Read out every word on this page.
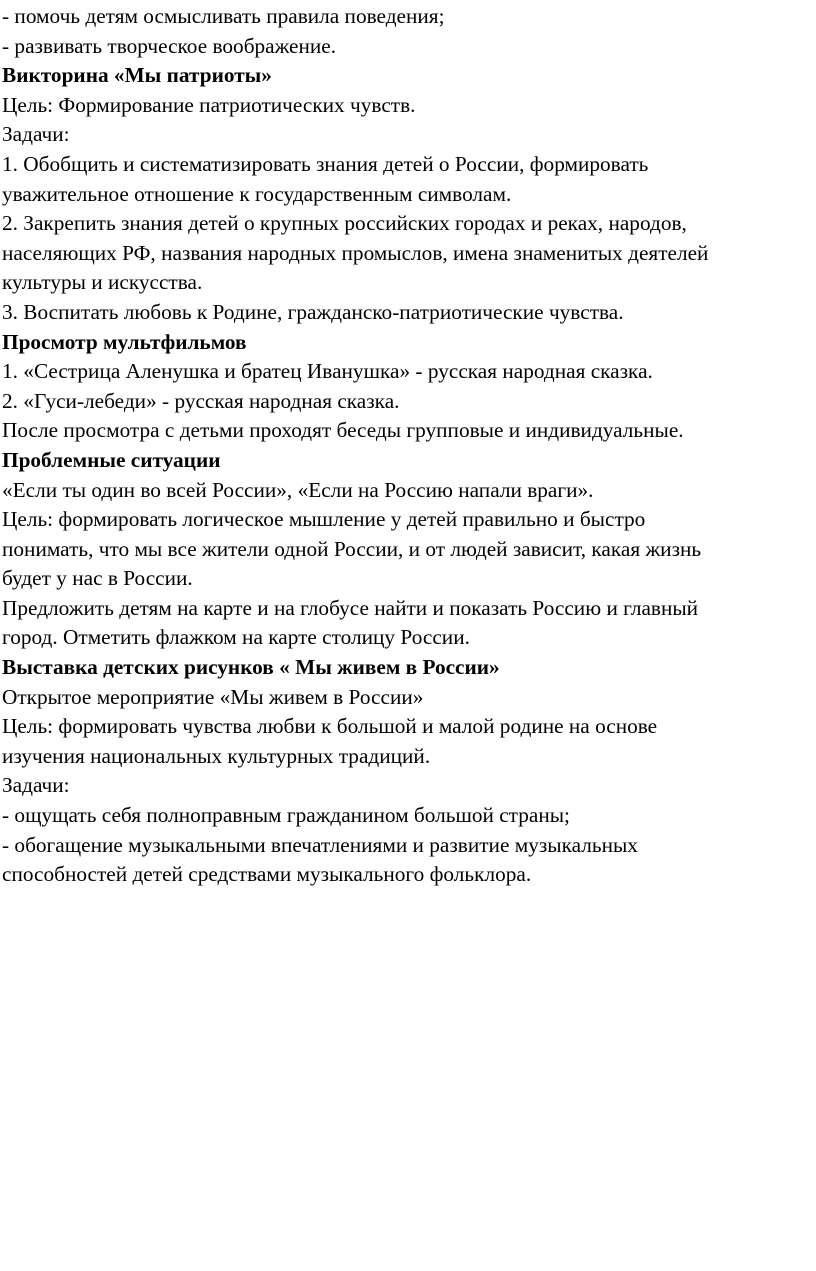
- помочь детям осмысливать правила поведения;

- развивать творческое воображение.

Викторина «Мы патриоты»

Цель: Формирование патриотических чувств.

Задачи:

1. Обобщить и систематизировать знания детей о России, формировать

уважительное отношение к государственным символам.

2. Закрепить знания детей о крупных российских городах и реках, народов,

населяющих РФ, названия народных промыслов, имена знаменитых деятелей

культуры и искусства.

3. Воспитать любовь к Родине, гражданско-патриотические чувства.

Просмотр мультфильмов

1. «Сестрица Аленушка и братец Иванушка» - русская народная сказка.

2. «Гуси-лебеди» - русская народная сказка.

После просмотра с детьми проходят беседы групповые и индивидуальные.

Проблемные ситуации

«Если ты один во всей России», «Если на Россию напали враги».

Цель: формировать логическое мышление у детей правильно и быстро

понимать, что мы все жители одной России, и от людей зависит, какая жизнь

будет у нас в России.

Предложить детям на карте и на глобусе найти и показать Россию и главный

город. Отметить флажком на карте столицу России.

Выставка детских рисунков « Мы живем в России»

Открытое мероприятие «Мы живем в России»

Цель: формировать чувства любви к большой и малой родине на основе

изучения национальных культурных традиций.

Задачи:

- ощущать себя полноправным гражданином большой страны;

- обогащение музыкальными впечатлениями и развитие музыкальных

способностей детей средствами музыкального фольклора.
